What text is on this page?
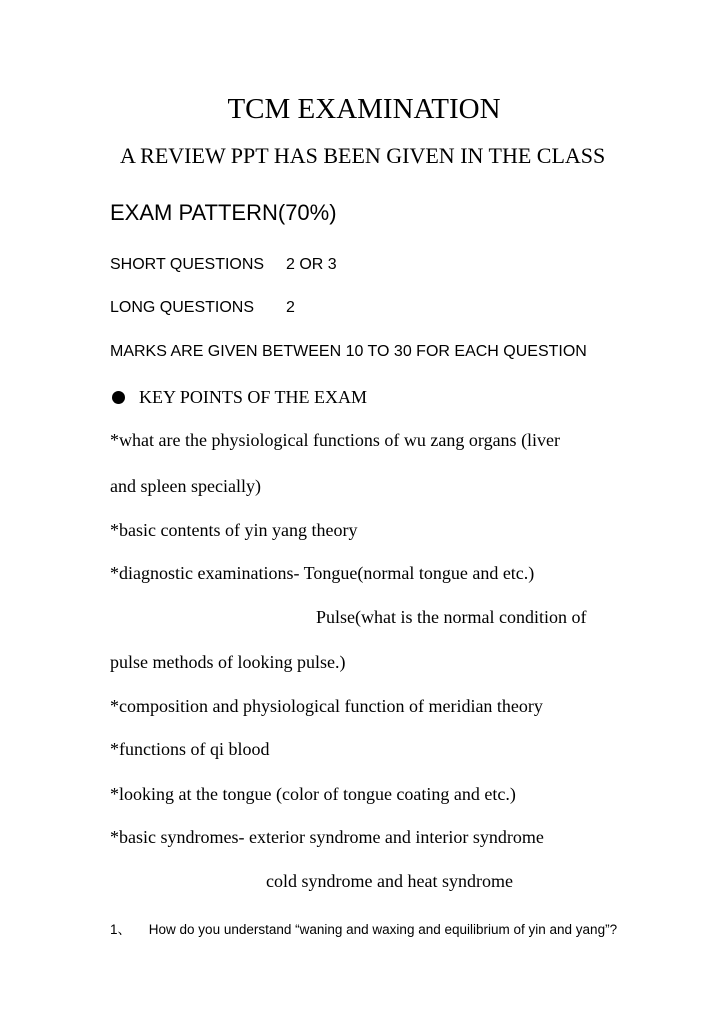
TCM EXAMINATION
A REVIEW PPT HAS BEEN GIVEN IN THE CLASS
EXAM PATTERN(70%)
SHORT QUESTIONS 2 OR 3
LONG QUESTIONS 2
MARKS ARE GIVEN BETWEEN 10 TO 30 FOR EACH QUESTION
KEY POINTS OF THE EXAM
*what are the physiological functions of wu zang organs (liver
and spleen specially)
*basic contents of yin yang theory
*diagnostic examinations- Tongue(normal tongue and etc.)
Pulse(what is the normal condition of
pulse methods of looking pulse.)
*composition and physiological function of meridian theory
*functions of qi blood
*looking at the tongue (color of tongue coating and etc.)
*basic syndromes- exterior syndrome and interior syndrome
cold syndrome and heat syndrome
1、 How do you understand “waning and waxing and equilibrium of yin and yang”?
